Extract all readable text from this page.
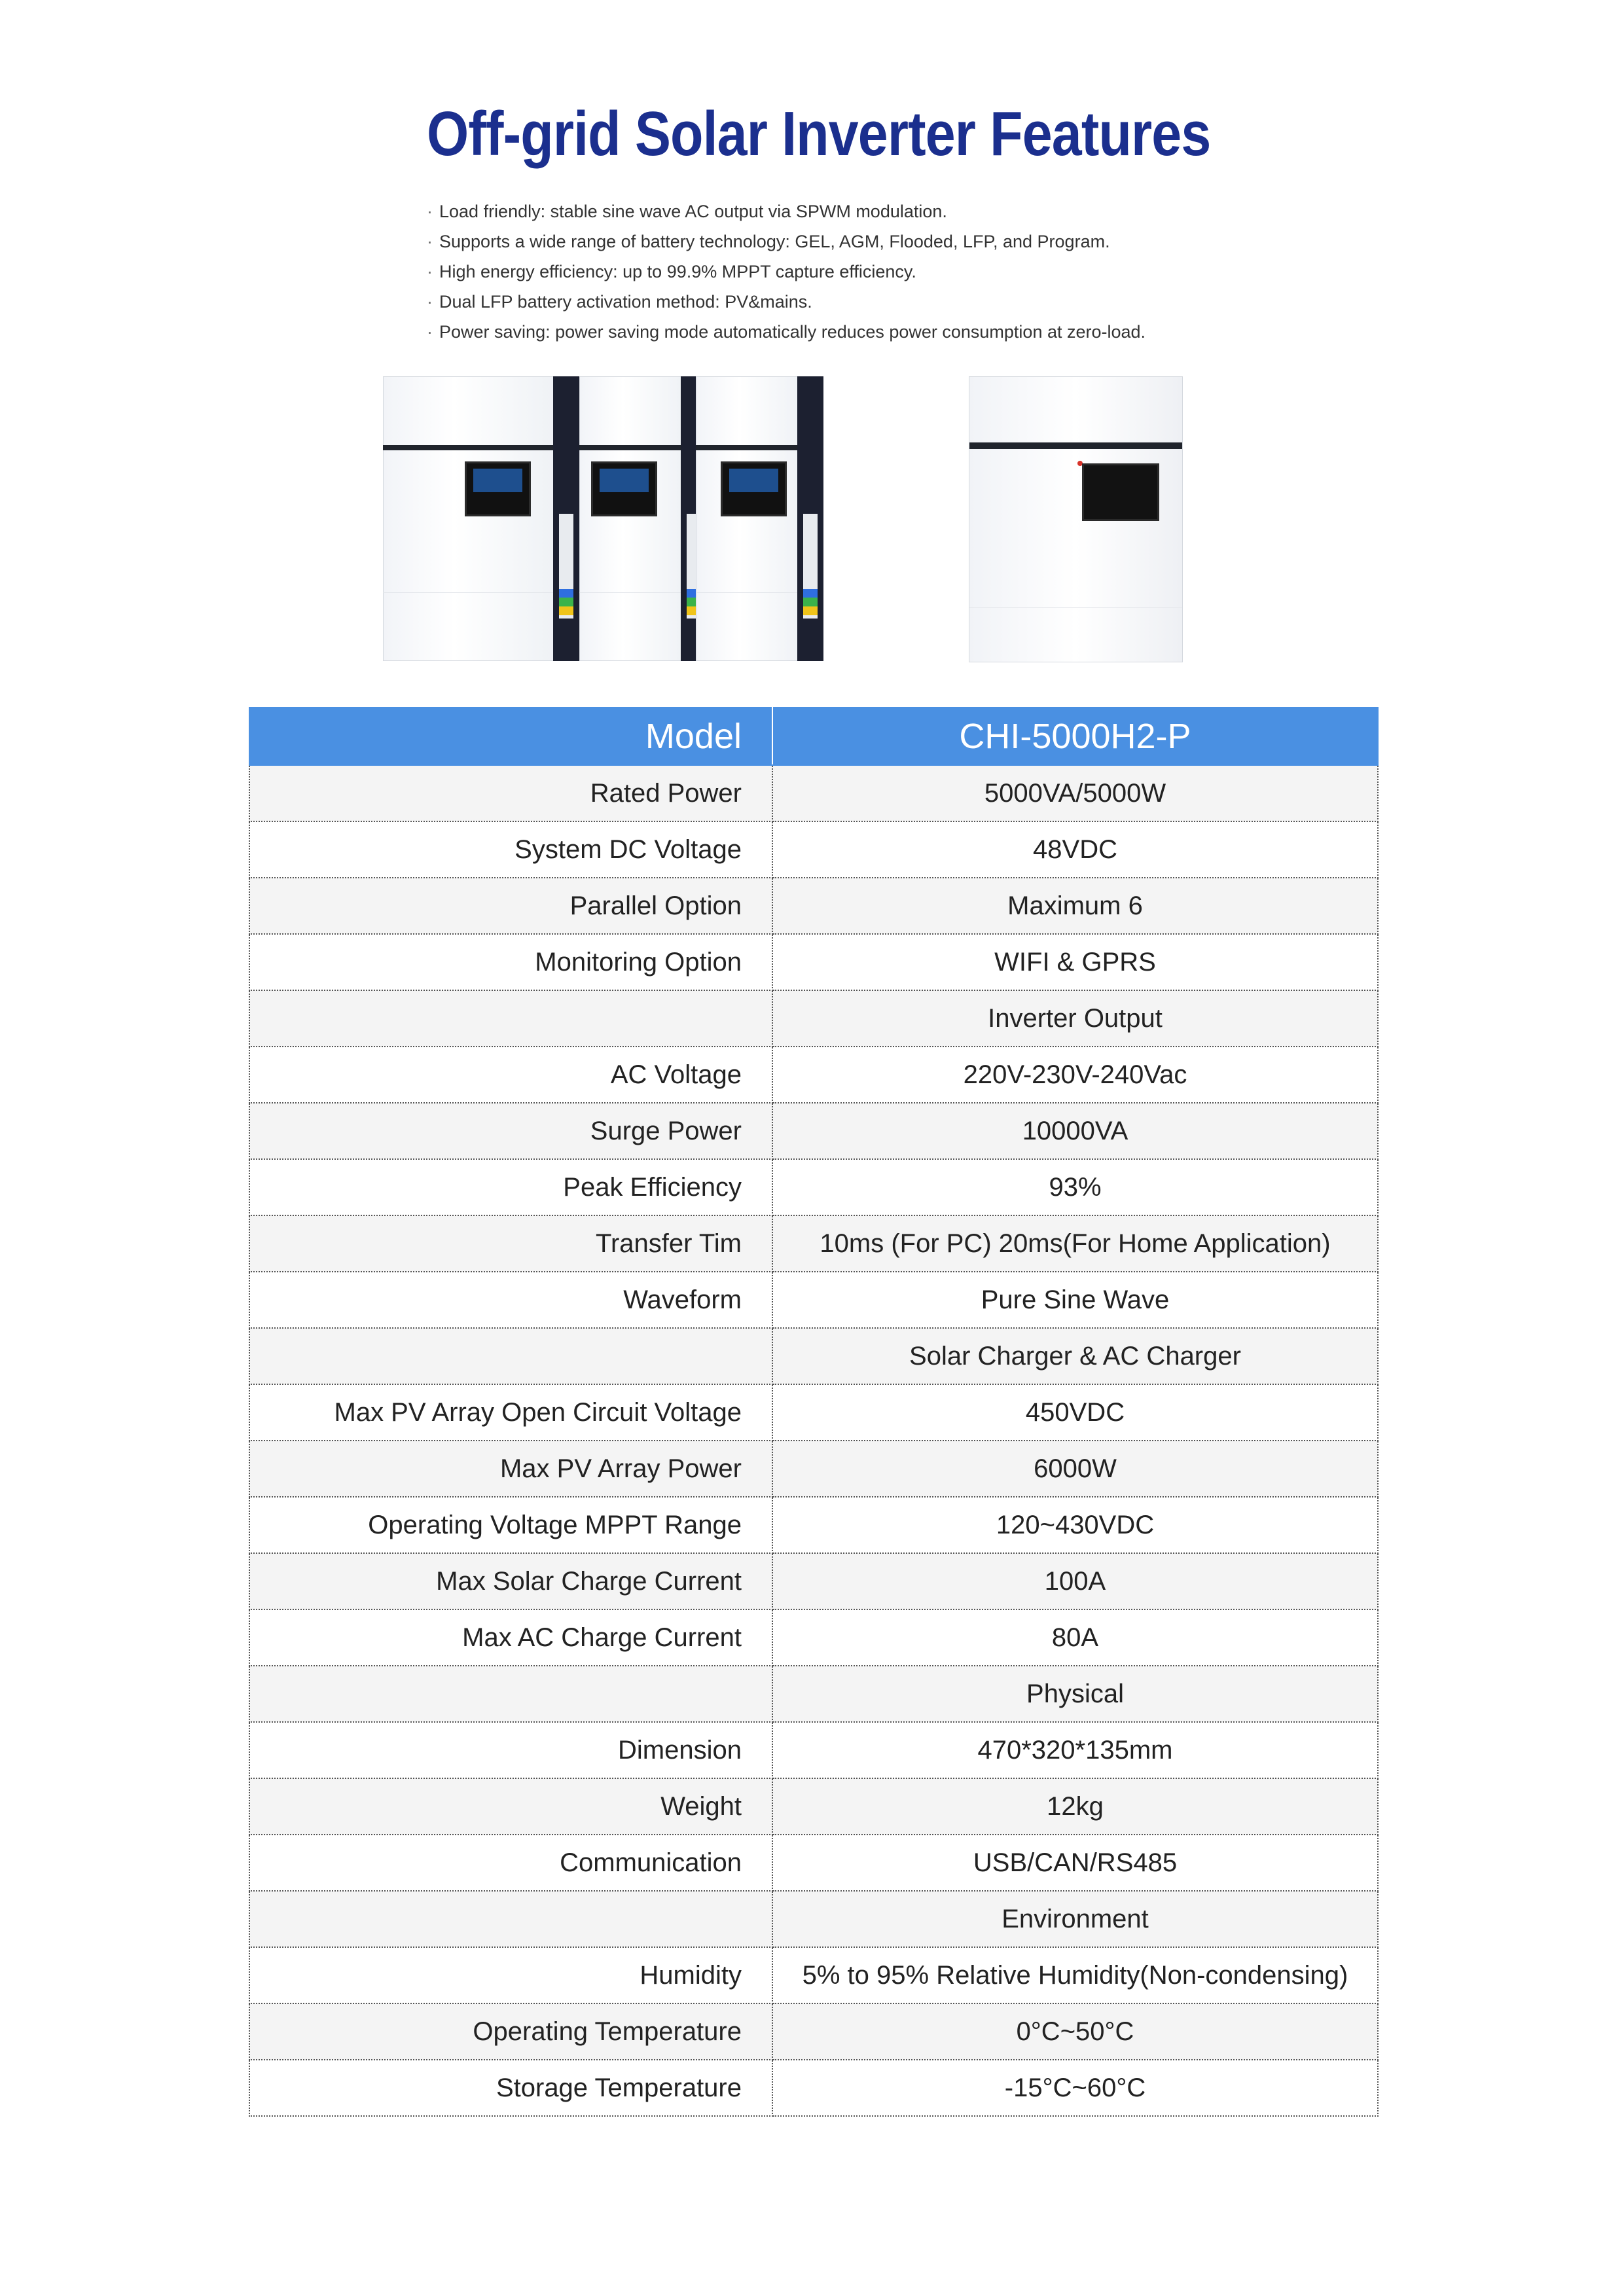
Off-grid Solar Inverter Features
· Load friendly: stable sine wave AC output via SPWM modulation.
· Supports a wide range of battery technology: GEL, AGM, Flooded, LFP, and Program.
· High energy efficiency: up to 99.9% MPPT capture efficiency.
· Dual LFP battery activation method: PV&mains.
· Power saving: power saving mode automatically reduces power consumption at zero-load.
Model	CHI-5000H2-P
Rated Power	5000VA/5000W
System DC Voltage	48VDC
Parallel Option	Maximum 6
Monitoring Option	WIFI & GPRS
	Inverter Output
AC Voltage	220V-230V-240Vac
Surge Power	10000VA
Peak Efficiency	93%
Transfer Tim	10ms (For PC) 20ms(For Home Application)
Waveform	Pure Sine Wave
	Solar Charger & AC Charger
Max PV Array Open Circuit Voltage	450VDC
Max PV Array Power	6000W
Operating Voltage MPPT Range	120~430VDC
Max Solar Charge Current	100A
Max AC Charge Current	80A
	Physical
Dimension	470*320*135mm
Weight	12kg
Communication	USB/CAN/RS485
	Environment
Humidity	5% to 95% Relative Humidity(Non-condensing)
Operating Temperature	0°C~50°C
Storage Temperature	-15°C~60°C
